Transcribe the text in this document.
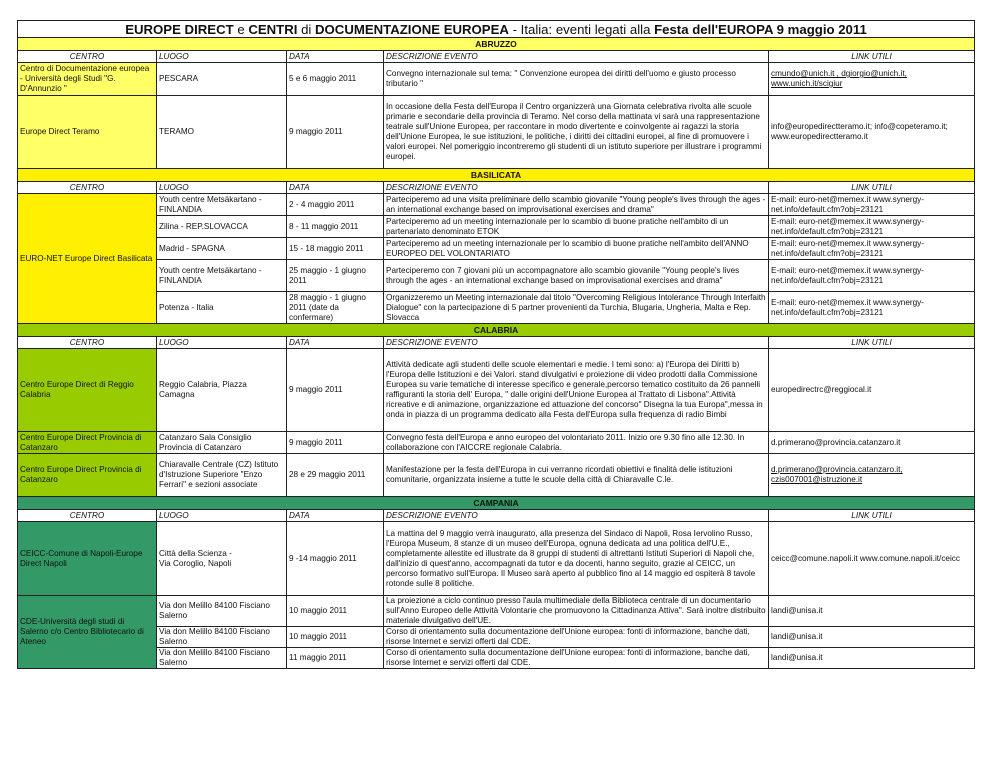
EUROPE DIRECT e CENTRI di DOCUMENTAZIONE EUROPEA - Italia: eventi legati alla Festa dell'EUROPA 9 maggio 2011				
ABRUZZO				
CENTRO	LUOGO	DATA	DESCRIZIONE EVENTO	LINK UTILI
Centro di Documentazione europea - Università degli Studi "G. D'Annunzio "	PESCARA	5 e 6 maggio 2011	Convegno internazionale sul tema: " Convenzione europea dei diritti dell'uomo e giusto processo tributario "	cmundo@unich.it , dgiorgio@unich.it,
www.unich.it/scigiur
Europe Direct Teramo	TERAMO	9 maggio 2011	In occasione della Festa dell'Europa il Centro organizzerà una Giornata celebrativa rivolta alle scuole primarie e secondarie della provincia di Teramo. Nel corso della mattinata vi sarà una rappresentazione teatrale sull'Unione Europea, per raccontare in modo divertente e coinvolgente ai ragazzi la storia dell'Unione Europea, le sue istituzioni, le politiche, i diritti dei cittadini europei, al fine di promuovere i valori europei. Nel pomeriggio incontreremo gli studenti di un istituto superiore per illustrare i programmi europei.	info@europedirectteramo.it; info@copeteramo.it; www.europedirectteramo.it
BASILICATA				
CENTRO	LUOGO	DATA	DESCRIZIONE EVENTO	LINK UTILI
EURO-NET Europe Direct Basilicata	Youth centre Metsäkartano - FINLANDIA	2 - 4 maggio 2011	Parteciperemo ad una visita preliminare dello scambio giovanile "Young people's lives through the ages - an international exchange based on improvisational exercises and drama"	E-mail: euro-net@memex.it www.synergy-net.info/default.cfm?obj=23121
	Zilina - REP.SLOVACCA	8 - 11 maggio 2011	Parteciperemo ad un meeting internazionale per lo scambio di buone pratiche nell'ambito di un partenariato denominato ETOK	E-mail: euro-net@memex.it www.synergy-net.info/default.cfm?obj=23121
	Madrid - SPAGNA	15 - 18 maggio 2011	Parteciperemo ad un meeting internazionale per lo scambio di buone pratiche nell'ambito dell'ANNO EUROPEO DEL VOLONTARIATO	E-mail: euro-net@memex.it www.synergy-net.info/default.cfm?obj=23121
	Youth centre Metsäkartano - FINLANDIA	25 maggio - 1 giugno 2011	Parteciperemo con 7 giovani più un accompagnatore allo scambio giovanile "Young people's lives through the ages - an international exchange based on improvisational exercises and drama"	E-mail: euro-net@memex.it www.synergy-net.info/default.cfm?obj=23121
	Potenza - Italia	28 maggio - 1 giugno 2011 (date da confermare)	Organizzeremo un Meeting internazionale dal titolo "Overcoming Religious Intolerance Through Interfaith Dialogue" con la partecipazione di 5 partner provenienti da Turchia, Blugaria, Ungheria, Malta e Rep. Slovacca	E-mail: euro-net@memex.it www.synergy-net.info/default.cfm?obj=23121
CALABRIA				
CENTRO	LUOGO	DATA	DESCRIZIONE EVENTO	LINK UTILI
Centro Europe Direct di Reggio Calabria	Reggio Calabria, Piazza Camagna	9 maggio 2011	Attività dedicate agli studenti delle scuole elementari e medie. I temi sono: a) l'Europa dei Diritti b) l'Europa delle Istituzioni e dei Valori. stand divulgativi e proiezione dii video prodotti dalla Commissione Europea su varie tematiche di interesse specifico e generale,percorso tematico costituito da 26 pannelli raffiguranti la storia dell' Europa, " dalle origini dell'Unione Europea al Trattato di Lisbona".Attività ricreative e di animazione, organizzazione ed attuazione del concorso" Disegna la tua Europa",messa in onda in piazza di un programma dedicato alla Festa dell'Europa sulla frequenza di radio Bimbi	europedirectrc@reggiocal.it
Centro Europe Direct Provincia di Catanzaro	Catanzaro Sala Consiglio Provincia di Catanzaro	9 maggio 2011	Convegno festa dell'Europa e anno europeo del volontariato 2011. Inizio ore 9.30 fino alle 12.30. In collaborazione con l'AICCRE regionale Calabria.	d.primerano@provincia.catanzaro.it
Centro Europe Direct Provincia di Catanzaro	Chiaravalle Centrale (CZ) Istituto d'Istruzione Superiore "Enzo Ferrari" e sezioni associate	28 e 29 maggio 2011	Manifestazione per la festa dell'Europa in cui verranno ricordati obiettivi e finalità delle istituzioni comunitarie, organizzata insieme a tutte le scuole della città di Chiaravalle C.le.	d.primerano@provincia.catanzaro.it,
czis007001@istruzione.it
CAMPANIA				
CENTRO	LUOGO	DATA	DESCRIZIONE EVENTO	LINK UTILI
CEICC-Comune di Napoli-Europe Direct Napoli	Città della Scienza -
Via Coroglio, Napoli	9 -14 maggio 2011	La mattina del 9 maggio verrà inaugurato, alla presenza del Sindaco di Napoli, Rosa Iervolino Russo, l'Europa Museum, 8 stanze di un museo dell'Europa, ognuna dedicata ad una politica dell'U.E., completamente allestite ed illustrate da 8 gruppi di studenti di altrettanti Istituti Superiori di Napoli che, dall'inizio di quest'anno, accompagnati da tutor e da docenti, hanno seguito, grazie al CEICC, un percorso formativo sull'Europa. Il Museo sarà aperto al pubblico fino al 14 maggio ed ospiterà 8 tavole rotonde sulle 8 politiche.	ceicc@comune.napoli.it www.comune.napoli.it/ceicc
CDE-Università degli studi di Salerno c/o Centro Bibliotecario di Ateneo	Via don Melillo 84100 Fisciano Salerno	10 maggio 2011	La proiezione a ciclo continuo presso l'aula multimediale della Biblioteca centrale di un documentario sull'Anno Europeo delle Attività Volontarie che promuovono la Cittadinanza Attiva". Sarà inoltre distribuito materiale divulgativo dell'UE.	landi@unisa.it
	Via don Melillo 84100 Fisciano Salerno	10 maggio 2011	Corso di orientamento sulla documentazione dell'Unione europea: fonti di informazione, banche dati, risorse Internet e servizi offerti dal CDE.	landi@unisa.it
	Via don Melillo 84100 Fisciano Salerno	11 maggio 2011	Corso di orientamento sulla documentazione dell'Unione europea: fonti di informazione, banche dati, risorse Internet e servizi offerti dal CDE.	landi@unisa.it
